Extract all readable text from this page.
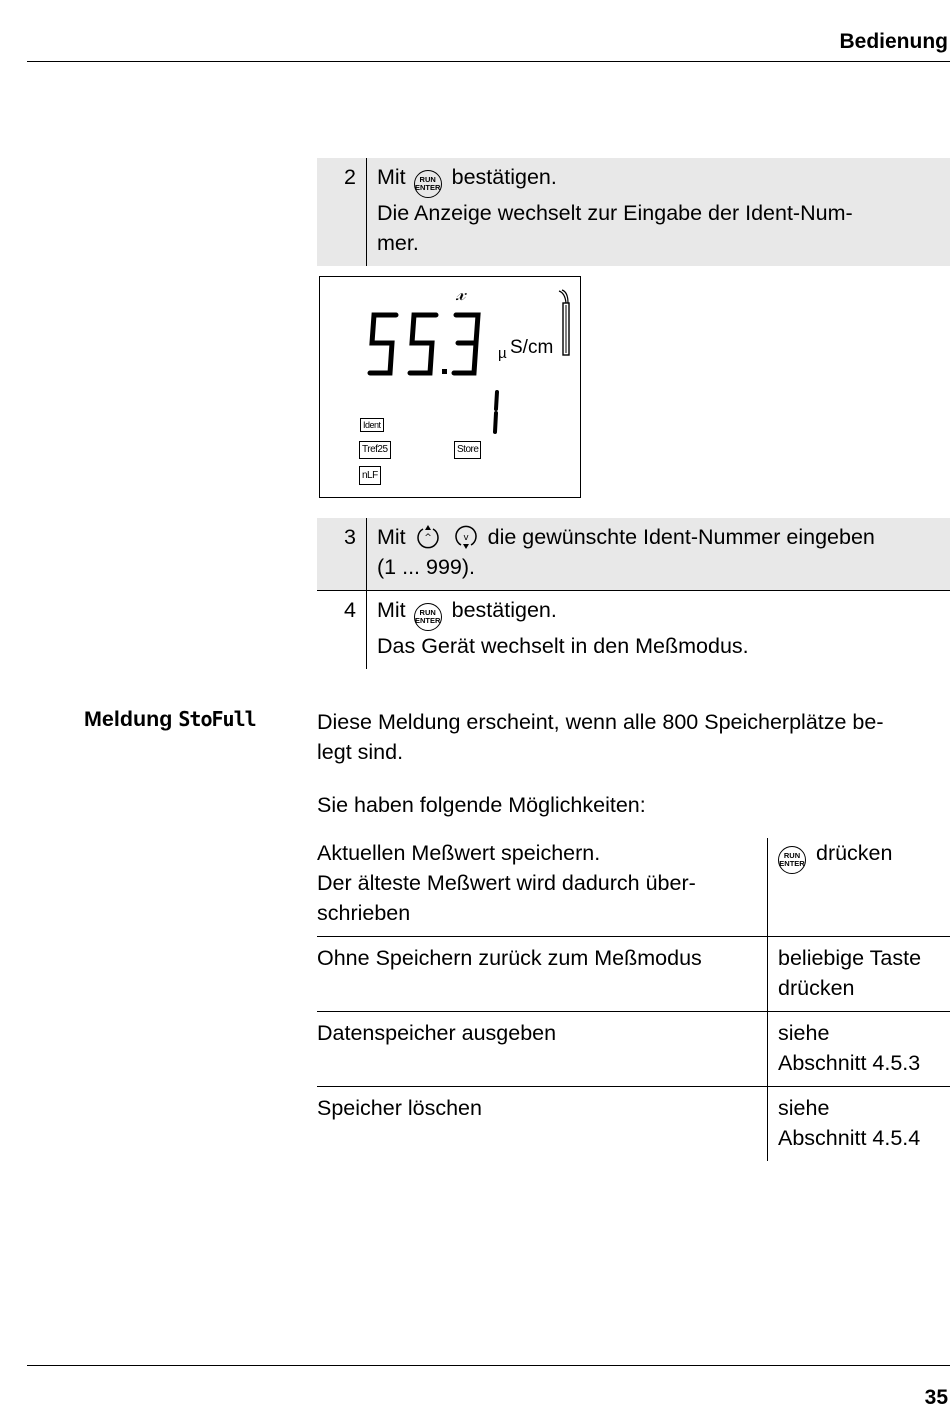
Bedienung
2 Mit RUN
ENTER bestätigen.
Die Anzeige wechselt zur Eingabe der Ident-Num-
mer.
𝓍
µ S/cm
Ident
Tref25	Store
nLF
3 Mit ^
	v die gewünschte Ident-Nummer eingeben
(1 ... 999).
4 Mit RUN
ENTER bestätigen.
Das Gerät wechselt in den Meßmodus.
Meldung StoFull	Diese Meldung erscheint, wenn alle 800 Speicherplätze be-
legt sind.
Sie haben folgende Möglichkeiten:
Aktuellen Meßwert speichern.
Der älteste Meßwert wird dadurch über-
schrieben	RUN
ENTER drücken
Ohne Speichern zurück zum Meßmodus	beliebige Taste
drücken
Datenspeicher ausgeben	siehe
Abschnitt 4.5.3
Speicher löschen	siehe
Abschnitt 4.5.4
35
